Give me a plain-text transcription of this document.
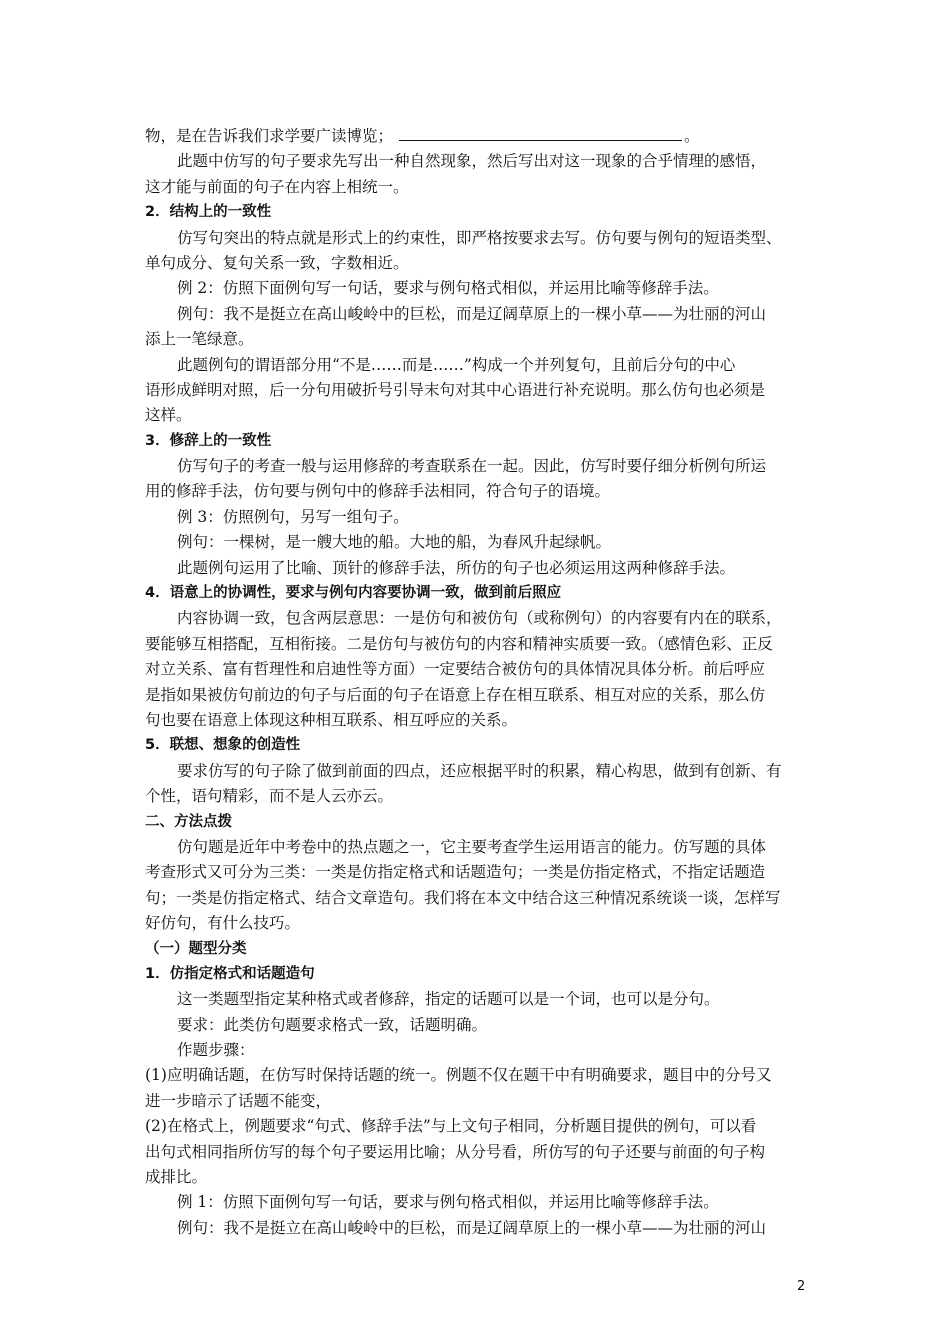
物，是在告诉我们求学要广读博览；	。
此题中仿写的句子要求先写出一种自然现象，然后写出对这一现象的合乎情理的感悟，
这才能与前面的句子在内容上相统一。
2．结构上的一致性
仿写句突出的特点就是形式上的约束性，即严格按要求去写。仿句要与例句的短语类型、
单句成分、复句关系一致，字数相近。
例 2：仿照下面例句写一句话，要求与例句格式相似，并运用比喻等修辞手法。
例句：我不是挺立在高山峻岭中的巨松，而是辽阔草原上的一棵小草——为壮丽的河山
添上一笔绿意。
此题例句的谓语部分用“不是……而是……”构成一个并列复句，且前后分句的中心
语形成鲜明对照，后一分句用破折号引导末句对其中心语进行补充说明。那么仿句也必须是
这样。
3．修辞上的一致性
仿写句子的考查一般与运用修辞的考查联系在一起。因此，仿写时要仔细分析例句所运
用的修辞手法，仿句要与例句中的修辞手法相同，符合句子的语境。
例 3：仿照例句，另写一组句子。
例句：一棵树，是一艘大地的船。大地的船，为春风升起绿帆。
此题例句运用了比喻、顶针的修辞手法，所仿的句子也必须运用这两种修辞手法。
4．语意上的协调性，要求与例句内容要协调一致，做到前后照应
内容协调一致，包含两层意思：一是仿句和被仿句（或称例句）的内容要有内在的联系，
要能够互相搭配，互相衔接。二是仿句与被仿句的内容和精神实质要一致。（感情色彩、正反
对立关系、富有哲理性和启迪性等方面）一定要结合被仿句的具体情况具体分析。前后呼应
是指如果被仿句前边的句子与后面的句子在语意上存在相互联系、相互对应的关系，那么仿
句也要在语意上体现这种相互联系、相互呼应的关系。
5．联想、想象的创造性
要求仿写的句子除了做到前面的四点，还应根据平时的积累，精心构思，做到有创新、有
个性，语句精彩，而不是人云亦云。
二、方法点拨
仿句题是近年中考卷中的热点题之一，它主要考查学生运用语言的能力。仿写题的具体
考查形式又可分为三类：一类是仿指定格式和话题造句；一类是仿指定格式，不指定话题造
句；一类是仿指定格式、结合文章造句。我们将在本文中结合这三种情况系统谈一谈，怎样写
好仿句，有什么技巧。
（一）题型分类
1．仿指定格式和话题造句
这一类题型指定某种格式或者修辞，指定的话题可以是一个词，也可以是分句。
要求：此类仿句题要求格式一致，话题明确。
作题步骤：
(1)应明确话题，在仿写时保持话题的统一。例题不仅在题干中有明确要求，题目中的分号又
进一步暗示了话题不能变，
(2)在格式上，例题要求“句式、修辞手法”与上文句子相同，分析题目提供的例句，可以看
出句式相同指所仿写的每个句子要运用比喻；从分号看，所仿写的句子还要与前面的句子构
成排比。
例 1：仿照下面例句写一句话，要求与例句格式相似，并运用比喻等修辞手法。
例句：我不是挺立在高山峻岭中的巨松，而是辽阔草原上的一棵小草——为壮丽的河山
2
